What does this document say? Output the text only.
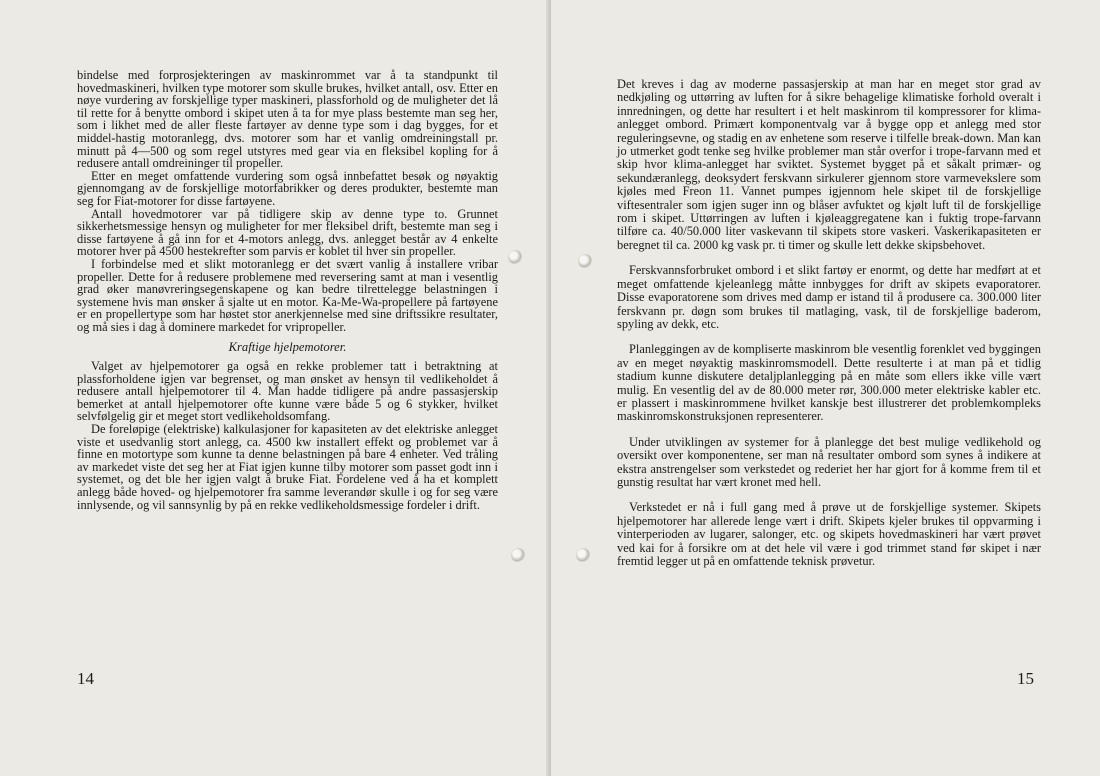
bindelse med forprosjekteringen av maskinrommet var å ta standpunkt til hovedmaskineri, hvilken type motorer som skulle brukes, hvilket antall, osv. Etter en nøye vurdering av forskjellige typer maskineri, plassforhold og de muligheter det lå til rette for å benytte ombord i skipet uten å ta for mye plass bestemte man seg her, som i likhet med de aller fleste fartøyer av denne type som i dag bygges, for et middel-hastig motoranlegg, dvs. motorer som har et vanlig omdreiningstall pr. minutt på 4—500 og som regel utstyres med gear via en fleksibel kopling for å redusere antall omdreininger til propeller.

Etter en meget omfattende vurdering som også innbefattet besøk og nøyaktig gjennomgang av de forskjellige motorfabrikker og deres produkter, bestemte man seg for Fiat-motorer for disse fartøyene.

Antall hovedmotorer var på tidligere skip av denne type to. Grunnet sikkerhetsmessige hensyn og muligheter for mer fleksibel drift, bestemte man seg i disse fartøyene å gå inn for et 4-motors anlegg, dvs. anlegget består av 4 enkelte motorer hver på 4500 hestekrefter som parvis er koblet til hver sin propeller.

I forbindelse med et slikt motoranlegg er det svært vanlig å installere vribar propeller. Dette for å redusere problemene med reversering samt at man i vesentlig grad øker manøvreringsegenskapene og kan bedre tilrettelegge belastningen i systemene hvis man ønsker å sjalte ut en motor. Ka-Me-Wa-propellere på fartøyene er en propellertype som har høstet stor anerkjennelse med sine driftssikre resultater, og må sies i dag å dominere markedet for vripropeller.

Kraftige hjelpemotorer.

Valget av hjelpemotorer ga også en rekke problemer tatt i betraktning at plassforholdene igjen var begrenset, og man ønsket av hensyn til vedlikeholdet å redusere antall hjelpemotorer til 4. Man hadde tidligere på andre passasjerskip bemerket at antall hjelpemotorer ofte kunne være både 5 og 6 stykker, hvilket selvfølgelig gir et meget stort vedlikeholdsomfang.

De foreløpige (elektriske) kalkulasjoner for kapasiteten av det elektriske anlegget viste et usedvanlig stort anlegg, ca. 4500 kw installert effekt og problemet var å finne en motortype som kunne ta denne belastningen på bare 4 enheter. Ved tråling av markedet viste det seg her at Fiat igjen kunne tilby motorer som passet godt inn i systemet, og det ble her igjen valgt å bruke Fiat. Fordelene ved å ha et komplett anlegg både hoved- og hjelpemotorer fra samme leverandør skulle i og for seg være innlysende, og vil sannsynlig by på en rekke vedlikeholdsmessige fordeler i drift.

14

Det kreves i dag av moderne passasjerskip at man har en meget stor grad av nedkjøling og uttørring av luften for å sikre behagelige klimatiske forhold overalt i innredningen, og dette har resultert i et helt maskinrom til kompressorer for klima-anlegget ombord. Primært komponentvalg var å bygge opp et anlegg med stor reguleringsevne, og stadig en av enhetene som reserve i tilfelle break-down. Man kan jo utmerket godt tenke seg hvilke problemer man står overfor i trope-farvann med et skip hvor klima-anlegget har sviktet. Systemet bygget på et såkalt primær- og sekundæranlegg, deoksydert ferskvann sirkulerer gjennom store varmevekslere som kjøles med Freon 11. Vannet pumpes igjennom hele skipet til de forskjellige viftesentraler som igjen suger inn og blåser avfuktet og kjølt luft til de forskjellige rom i skipet. Uttørringen av luften i kjøleaggregatene kan i fuktig trope-farvann tilføre ca. 40/50.000 liter vaskevann til skipets store vaskeri. Vaskerikapasiteten er beregnet til ca. 2000 kg vask pr. ti timer og skulle lett dekke skipsbehovet.

Ferskvannsforbruket ombord i et slikt fartøy er enormt, og dette har medført at et meget omfattende kjeleanlegg måtte innbygges for drift av skipets evaporatorer. Disse evaporatorene som drives med damp er istand til å produsere ca. 300.000 liter ferskvann pr. døgn som brukes til matlaging, vask, til de forskjellige baderom, spyling av dekk, etc.

Planleggingen av de kompliserte maskinrom ble vesentlig forenklet ved byggingen av en meget nøyaktig maskinromsmodell. Dette resulterte i at man på et tidlig stadium kunne diskutere detaljplanlegging på en måte som ellers ikke ville vært mulig. En vesentlig del av de 80.000 meter rør, 300.000 meter elektriske kabler etc. er plassert i maskinrommene hvilket kanskje best illustrerer det problemkompleks maskinromskonstruksjonen representerer.

Under utviklingen av systemer for å planlegge det best mulige vedlikehold og oversikt over komponentene, ser man nå resultater ombord som synes å indikere at ekstra anstrengelser som verkstedet og rederiet her har gjort for å komme frem til et gunstig resultat har vært kronet med hell.

Verkstedet er nå i full gang med å prøve ut de forskjellige systemer. Skipets hjelpemotorer har allerede lenge vært i drift. Skipets kjeler brukes til oppvarming i vinterperioden av lugarer, salonger, etc. og skipets hovedmaskineri har vært prøvet ved kai for å forsikre om at det hele vil være i god trimmet stand før skipet i nær fremtid legger ut på en omfattende teknisk prøvetur.

15
